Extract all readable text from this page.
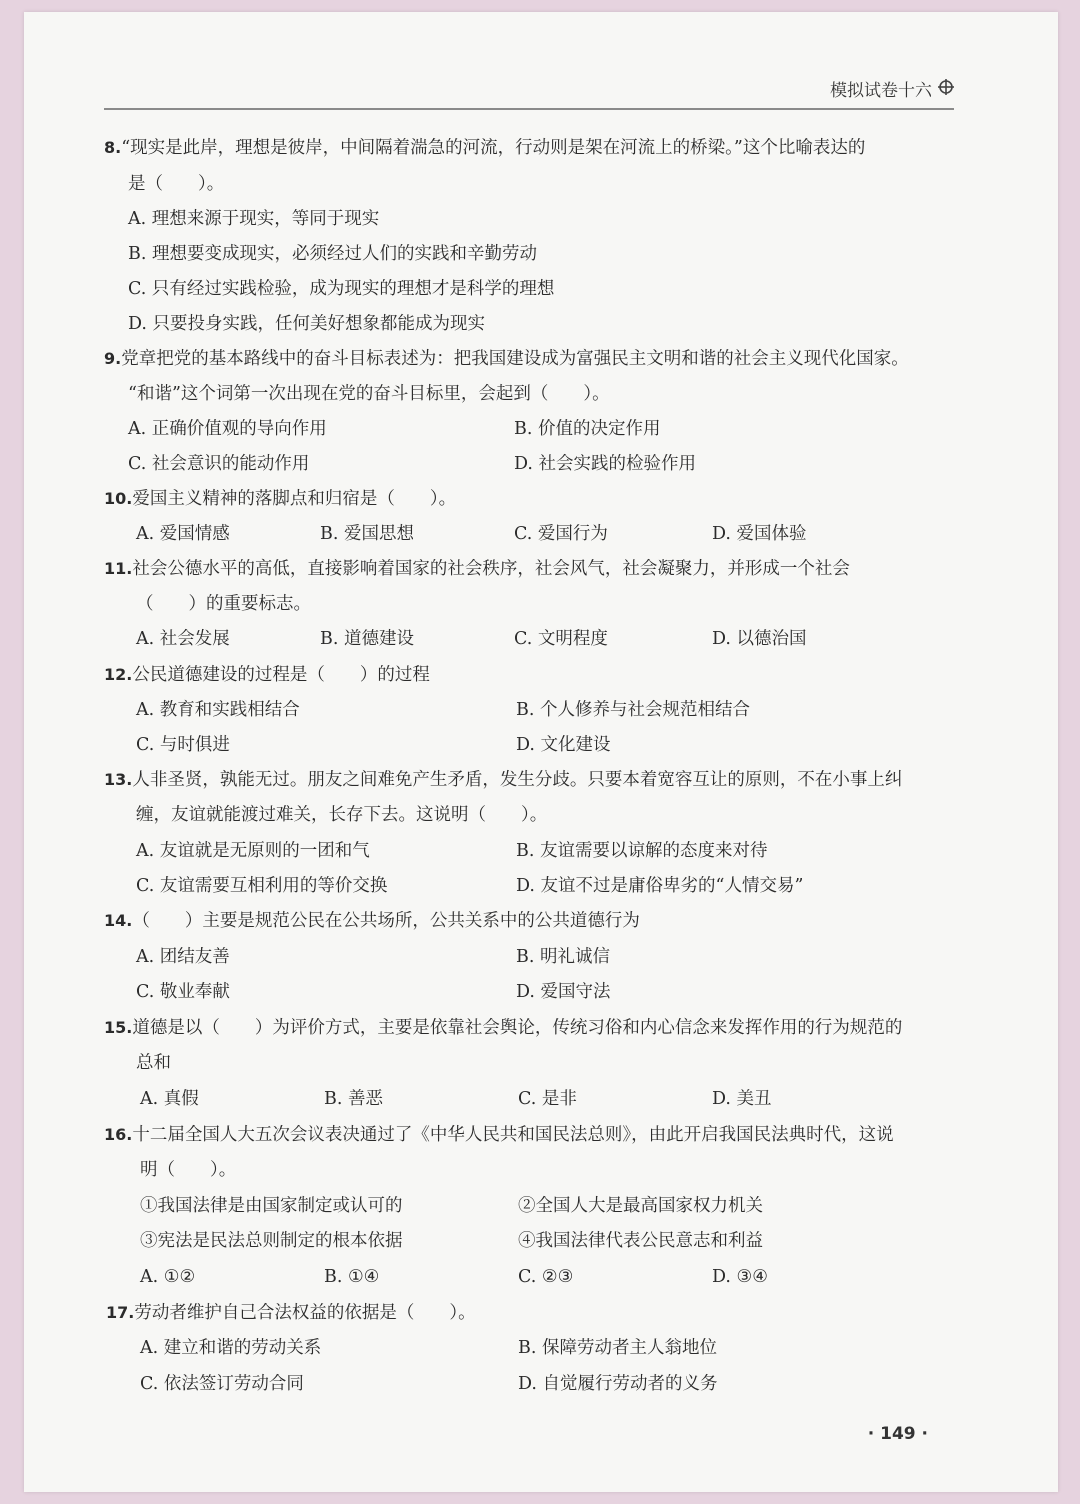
模拟试卷十六
8.“现实是此岸，理想是彼岸，中间隔着湍急的河流，行动则是架在河流上的桥梁。”这个比喻表达的
是（　　）。
A. 理想来源于现实，等同于现实
B. 理想要变成现实，必须经过人们的实践和辛勤劳动
C. 只有经过实践检验，成为现实的理想才是科学的理想
D. 只要投身实践，任何美好想象都能成为现实
9.党章把党的基本路线中的奋斗目标表述为：把我国建设成为富强民主文明和谐的社会主义现代化国家。
“和谐”这个词第一次出现在党的奋斗目标里，会起到（　　）。
A. 正确价值观的导向作用	B. 价值的决定作用
C. 社会意识的能动作用	D. 社会实践的检验作用
10.爱国主义精神的落脚点和归宿是（　　）。
A. 爱国情感	B. 爱国思想	C. 爱国行为	D. 爱国体验
11.社会公德水平的高低，直接影响着国家的社会秩序，社会风气，社会凝聚力，并形成一个社会
（　　）的重要标志。
A. 社会发展	B. 道德建设	C. 文明程度	D. 以德治国
12.公民道德建设的过程是（　　）的过程
A. 教育和实践相结合	B. 个人修养与社会规范相结合
C. 与时俱进	D. 文化建设
13.人非圣贤，孰能无过。朋友之间难免产生矛盾，发生分歧。只要本着宽容互让的原则，不在小事上纠
缠，友谊就能渡过难关，长存下去。这说明（　　）。
A. 友谊就是无原则的一团和气	B. 友谊需要以谅解的态度来对待
C. 友谊需要互相利用的等价交换	D. 友谊不过是庸俗卑劣的“人情交易”
14.（　　）主要是规范公民在公共场所，公共关系中的公共道德行为
A. 团结友善	B. 明礼诚信
C. 敬业奉献	D. 爱国守法
15.道德是以（　　）为评价方式，主要是依靠社会舆论，传统习俗和内心信念来发挥作用的行为规范的
总和
A. 真假	B. 善恶	C. 是非	D. 美丑
16.十二届全国人大五次会议表决通过了《中华人民共和国民法总则》，由此开启我国民法典时代，这说
明（　　）。
①我国法律是由国家制定或认可的	②全国人大是最高国家权力机关
③宪法是民法总则制定的根本依据	④我国法律代表公民意志和利益
A. ①②	B. ①④	C. ②③	D. ③④
17.劳动者维护自己合法权益的依据是（　　）。
A. 建立和谐的劳动关系	B. 保障劳动者主人翁地位
C. 依法签订劳动合同	D. 自觉履行劳动者的义务
· 149 ·
